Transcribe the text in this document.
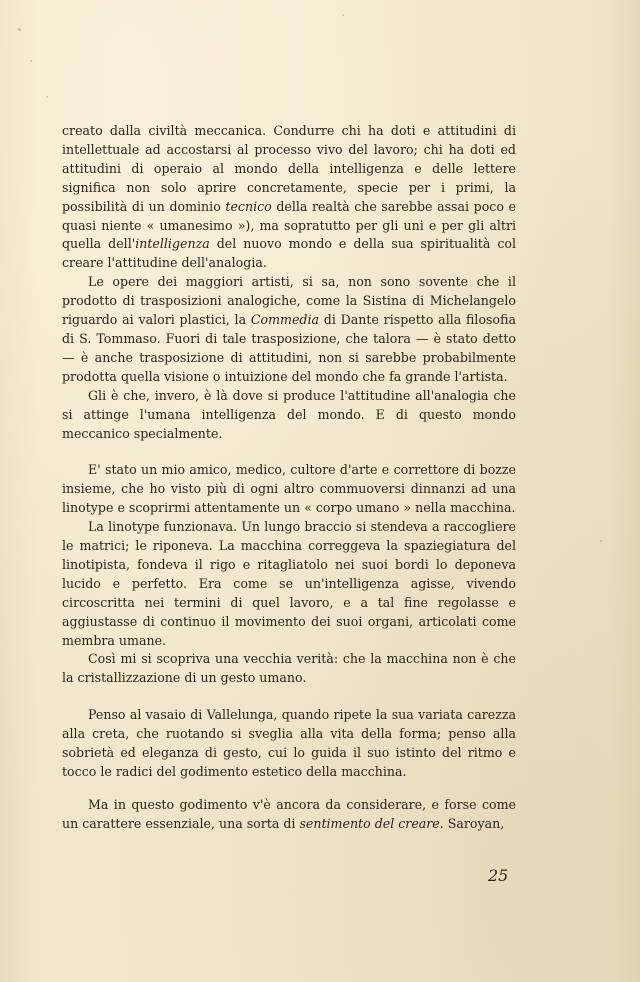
creato dalla civiltà meccanica. Condurre chi ha doti e attitudini di intellettuale ad accostarsi al processo vivo del lavoro; chi ha doti ed attitudini di operaio al mondo della intelligenza e delle lettere significa non solo aprire concretamente, specie per i primi, la possibilità di un dominio tecnico della realtà che sarebbe assai poco e quasi niente « umanesimo »), ma sopratutto per gli uni e per gli altri quella dell'intelligenza del nuovo mondo e della sua spiritualità col creare l'attitudine dell'analogia.

Le opere dei maggiori artisti, si sa, non sono sovente che il prodotto di trasposizioni analogiche, come la Sistina di Michelangelo riguardo ai valori plastici, la Commedia di Dante rispetto alla filosofia di S. Tommaso. Fuori di tale trasposizione, che talora — è stato detto — è anche trasposizione di attitudini, non si sarebbe probabilmente prodotta quella visione o intuizione del mondo che fa grande l'artista.

Gli è che, invero, è là dove si produce l'attitudine all'analogia che si attinge l'umana intelligenza del mondo. E di questo mondo meccanico specialmente.

E' stato un mio amico, medico, cultore d'arte e correttore di bozze insieme, che ho visto più di ogni altro commuoversi dinnanzi ad una linotype e scoprirmi attentamente un « corpo umano » nella macchina.

La linotype funzionava. Un lungo braccio si stendeva a raccogliere le matrici; le riponeva. La macchina correggeva la spaziegiatura del linotipista, fondeva il rigo e ritagliatolo nei suoi bordi lo deponeva lucido e perfetto. Era come se un'intelligenza agisse, vivendo circoscritta nei termini di quel lavoro, e a tal fine regolasse e aggiustasse di continuo il movimento dei suoi organi, articolati come membra umane.

Così mi si scopriva una vecchia verità: che la macchina non è che la cristallizzazione di un gesto umano.

Penso al vasaio di Vallelunga, quando ripete la sua variata carezza alla creta, che ruotando si sveglia alla vita della forma; penso alla sobrietà ed eleganza di gesto, cui lo guida il suo istinto del ritmo e tocco le radici del godimento estetico della macchina.

Ma in questo godimento v'è ancora da considerare, e forse come un carattere essenziale, una sorta di sentimento del creare. Saroyan,

25
